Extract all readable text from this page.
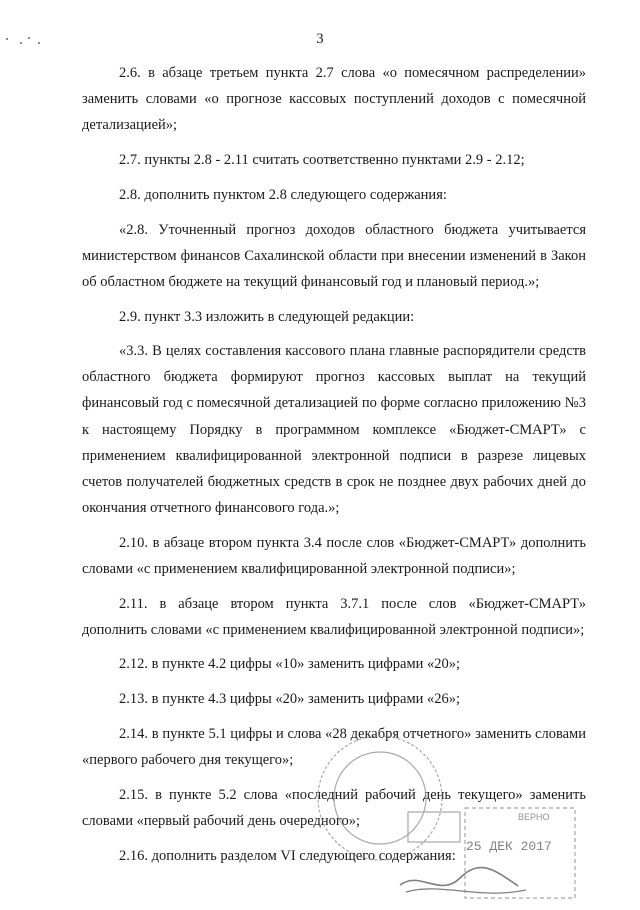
3

2.6. в абзаце третьем пункта 2.7 слова «о помесячном распределении» заменить словами «о прогнозе кассовых поступлений доходов с помесячной детализацией»;

2.7. пункты 2.8 - 2.11 считать соответственно пунктами 2.9 - 2.12;

2.8. дополнить пунктом 2.8 следующего содержания:

«2.8. Уточненный прогноз доходов областного бюджета учитывается министерством финансов Сахалинской области при внесении изменений в Закон об областном бюджете на текущий финансовый год и плановый период.»;

2.9. пункт 3.3 изложить в следующей редакции:

«3.3. В целях составления кассового плана главные распорядители средств областного бюджета формируют прогноз кассовых выплат на текущий финансовый год с помесячной детализацией по форме согласно приложению №3 к настоящему Порядку в программном комплексе «Бюджет-СМАРТ» с применением квалифицированной электронной подписи в разрезе лицевых счетов получателей бюджетных средств в срок не позднее двух рабочих дней до окончания отчетного финансового года.»;

2.10. в абзаце втором пункта 3.4 после слов «Бюджет-СМАРТ» дополнить словами «с применением квалифицированной электронной подписи»;

2.11. в абзаце втором пункта 3.7.1 после слов «Бюджет-СМАРТ» дополнить словами «с применением квалифицированной электронной подписи»;

2.12. в пункте 4.2 цифры «10» заменить цифрами «20»;

2.13. в пункте 4.3 цифры «20» заменить цифрами «26»;

2.14. в пункте 5.1 цифры и слова «28 декабря отчетного» заменить словами «первого рабочего дня текущего»;

2.15. в пункте 5.2 слова «последний рабочий день текущего» заменить словами «первый рабочий день очередного»;

2.16. дополнить разделом VI следующего содержания:

ВЕРНО
25 ДЕК 2017
